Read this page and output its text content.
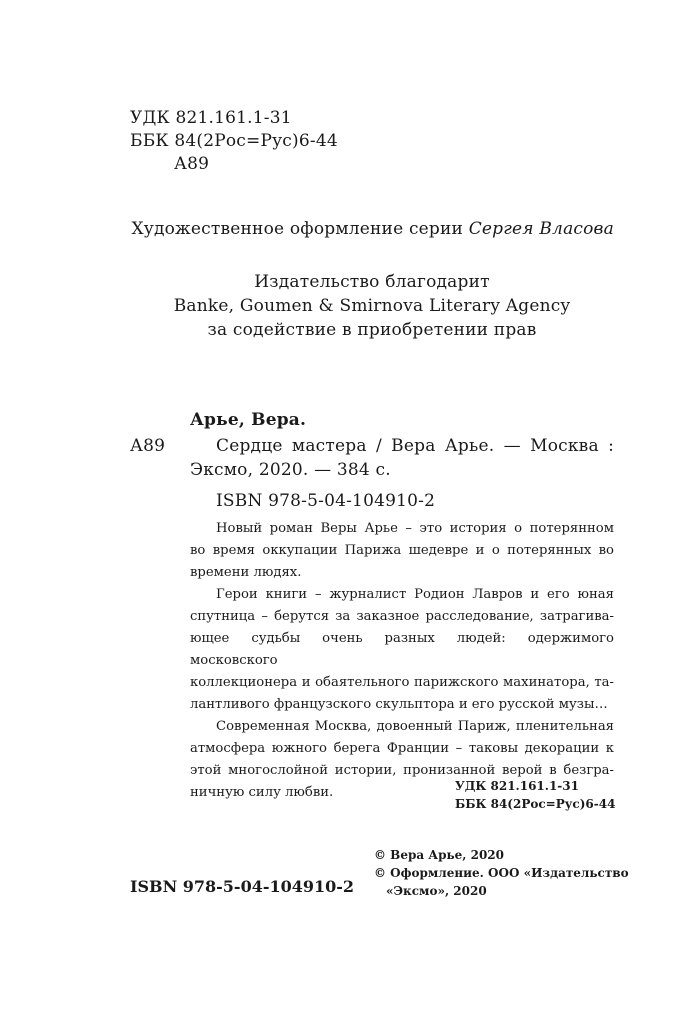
УДК 821.161.1-31
ББК 84(2Рос=Рус)6-44
А89
Художественное оформление серии Сергея Власова
Издательство благодарит
Banke, Goumen & Smirnova Literary Agency
за содействие в приобретении прав
Арье, Вера.
А89	Сердце мастера / Вера Арье. — Москва :
Эксмо, 2020. — 384 с.
ISBN 978-5-04-104910-2

Новый роман Веры Арье – это история о потерянном

во время оккупации Парижа шедевре и о потерянных во

времени людях.

Герои книги – журналист Родион Лавров и его юная

спутница – берутся за заказное расследование, затрагива-

ющее судьбы очень разных людей: одержимого московского

коллекционера и обаятельного парижского махинатора, та-

лантливого французского скульптора и его русской музы…

Современная Москва, довоенный Париж, пленительная

атмосфера южного берега Франции – таковы декорации к

этой многослойной истории, пронизанной верой в безгра-

ничную силу любви.	УДК 821.161.1-31
ББК 84(2Рос=Рус)6-44
ISBN 978-5-04-104910-2
© Вера Арье, 2020
© Оформление. ООО «Издательство
«Эксмо», 2020
